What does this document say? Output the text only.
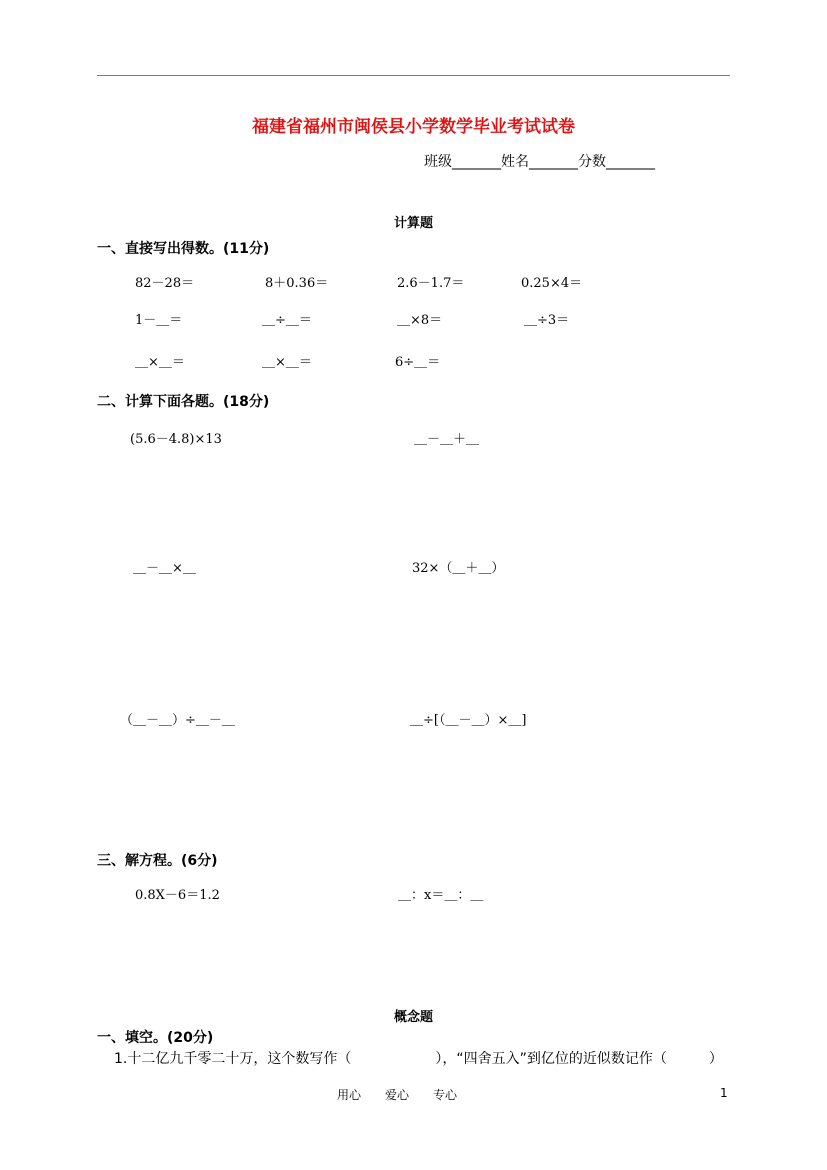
福建省福州市闽侯县小学数学毕业考试试卷
班级_______姓名_______分数_______
计算题
一、直接写出得数。(11分)
82－28＝	8＋0.36＝	2.6－1.7＝	0.25×4＝
1－＿＝	＿÷＿＝	＿×8＝	＿÷3＝
＿×＿＝	＿×＿＝	6÷＿＝
二、计算下面各题。(18分)
(5.6－4.8)×13	＿－＿＋＿
＿－＿×＿	32×（＿＋＿）
（＿－＿）÷＿－＿	＿÷[（＿－＿）×＿]
三、解方程。(6分)
0.8X－6＝1.2	＿：x＝＿：＿
概念题
一、填空。(20分)
1.十二亿九千零二十万，这个数写作（　　　　　　），“四舍五入”到亿位的近似数记作（　　　）
用心　　爱心　　专心	1
